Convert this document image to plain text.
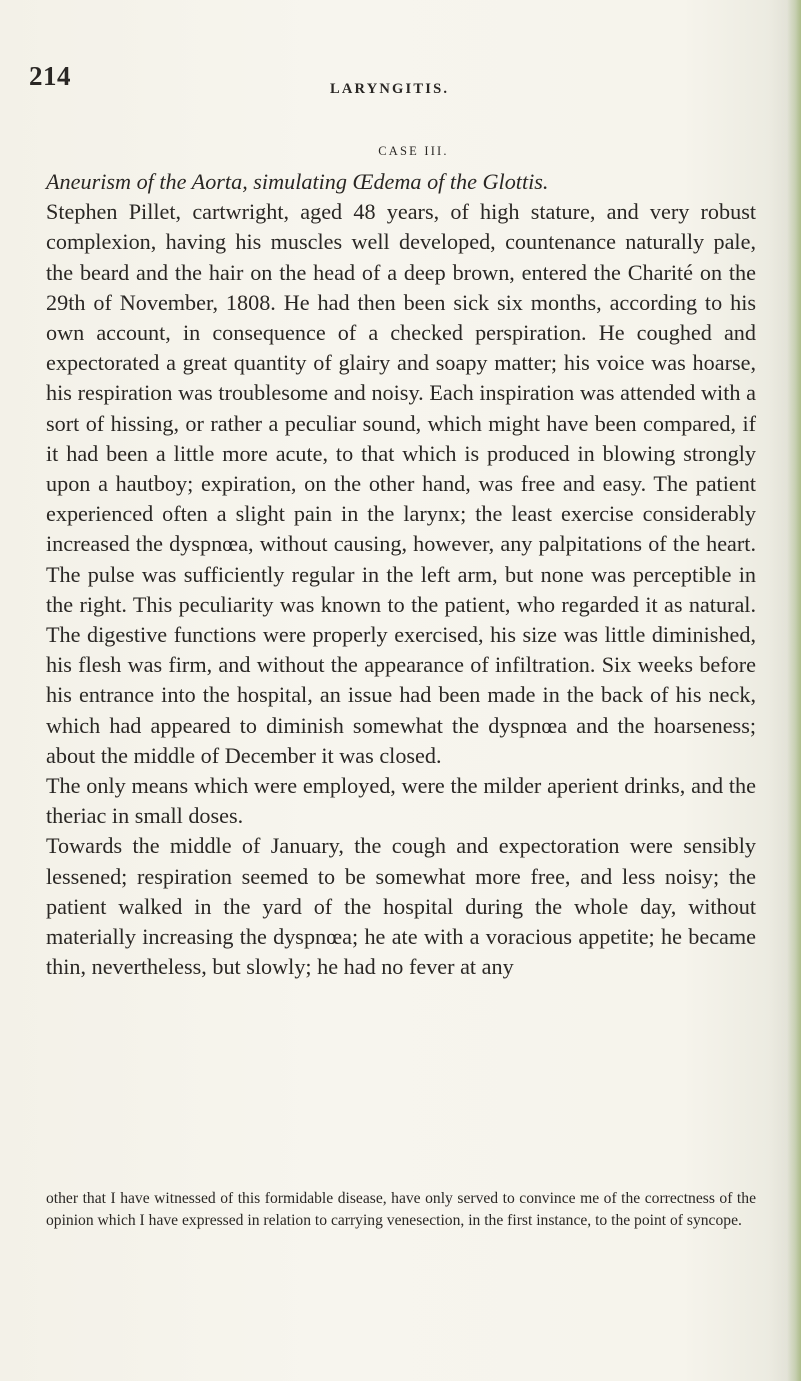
214	LARYNGITIS.

CASE III.

Aneurism of the Aorta, simulating Œdema of the Glottis.

Stephen Pillet, cartwright, aged 48 years, of high stature, and very robust complexion, having his muscles well developed, countenance naturally pale, the beard and the hair on the head of a deep brown, entered the Charité on the 29th of November, 1808. He had then been sick six months, according to his own account, in consequence of a checked perspiration. He coughed and expectorated a great quantity of glairy and soapy matter; his voice was hoarse, his respiration was troublesome and noisy. Each inspiration was attended with a sort of hissing, or rather a peculiar sound, which might have been compared, if it had been a little more acute, to that which is produced in blowing strongly upon a hautboy; expiration, on the other hand, was free and easy. The patient experienced often a slight pain in the larynx; the least exercise considerably increased the dyspnœa, without causing, however, any palpitations of the heart. The pulse was sufficiently regular in the left arm, but none was perceptible in the right. This peculiarity was known to the patient, who regarded it as natural. The digestive functions were properly exercised, his size was little diminished, his flesh was firm, and without the appearance of infiltration. Six weeks before his entrance into the hospital, an issue had been made in the back of his neck, which had appeared to diminish somewhat the dyspnœa and the hoarseness; about the middle of December it was closed.

The only means which were employed, were the milder aperient drinks, and the theriac in small doses.

Towards the middle of January, the cough and expectoration were sensibly lessened; respiration seemed to be somewhat more free, and less noisy; the patient walked in the yard of the hospital during the whole day, without materially increasing the dyspnœa; he ate with a voracious appetite; he became thin, nevertheless, but slowly; he had no fever at any

other that I have witnessed of this formidable disease, have only served to convince me of the correctness of the opinion which I have expressed in relation to carrying venesection, in the first instance, to the point of syncope.
